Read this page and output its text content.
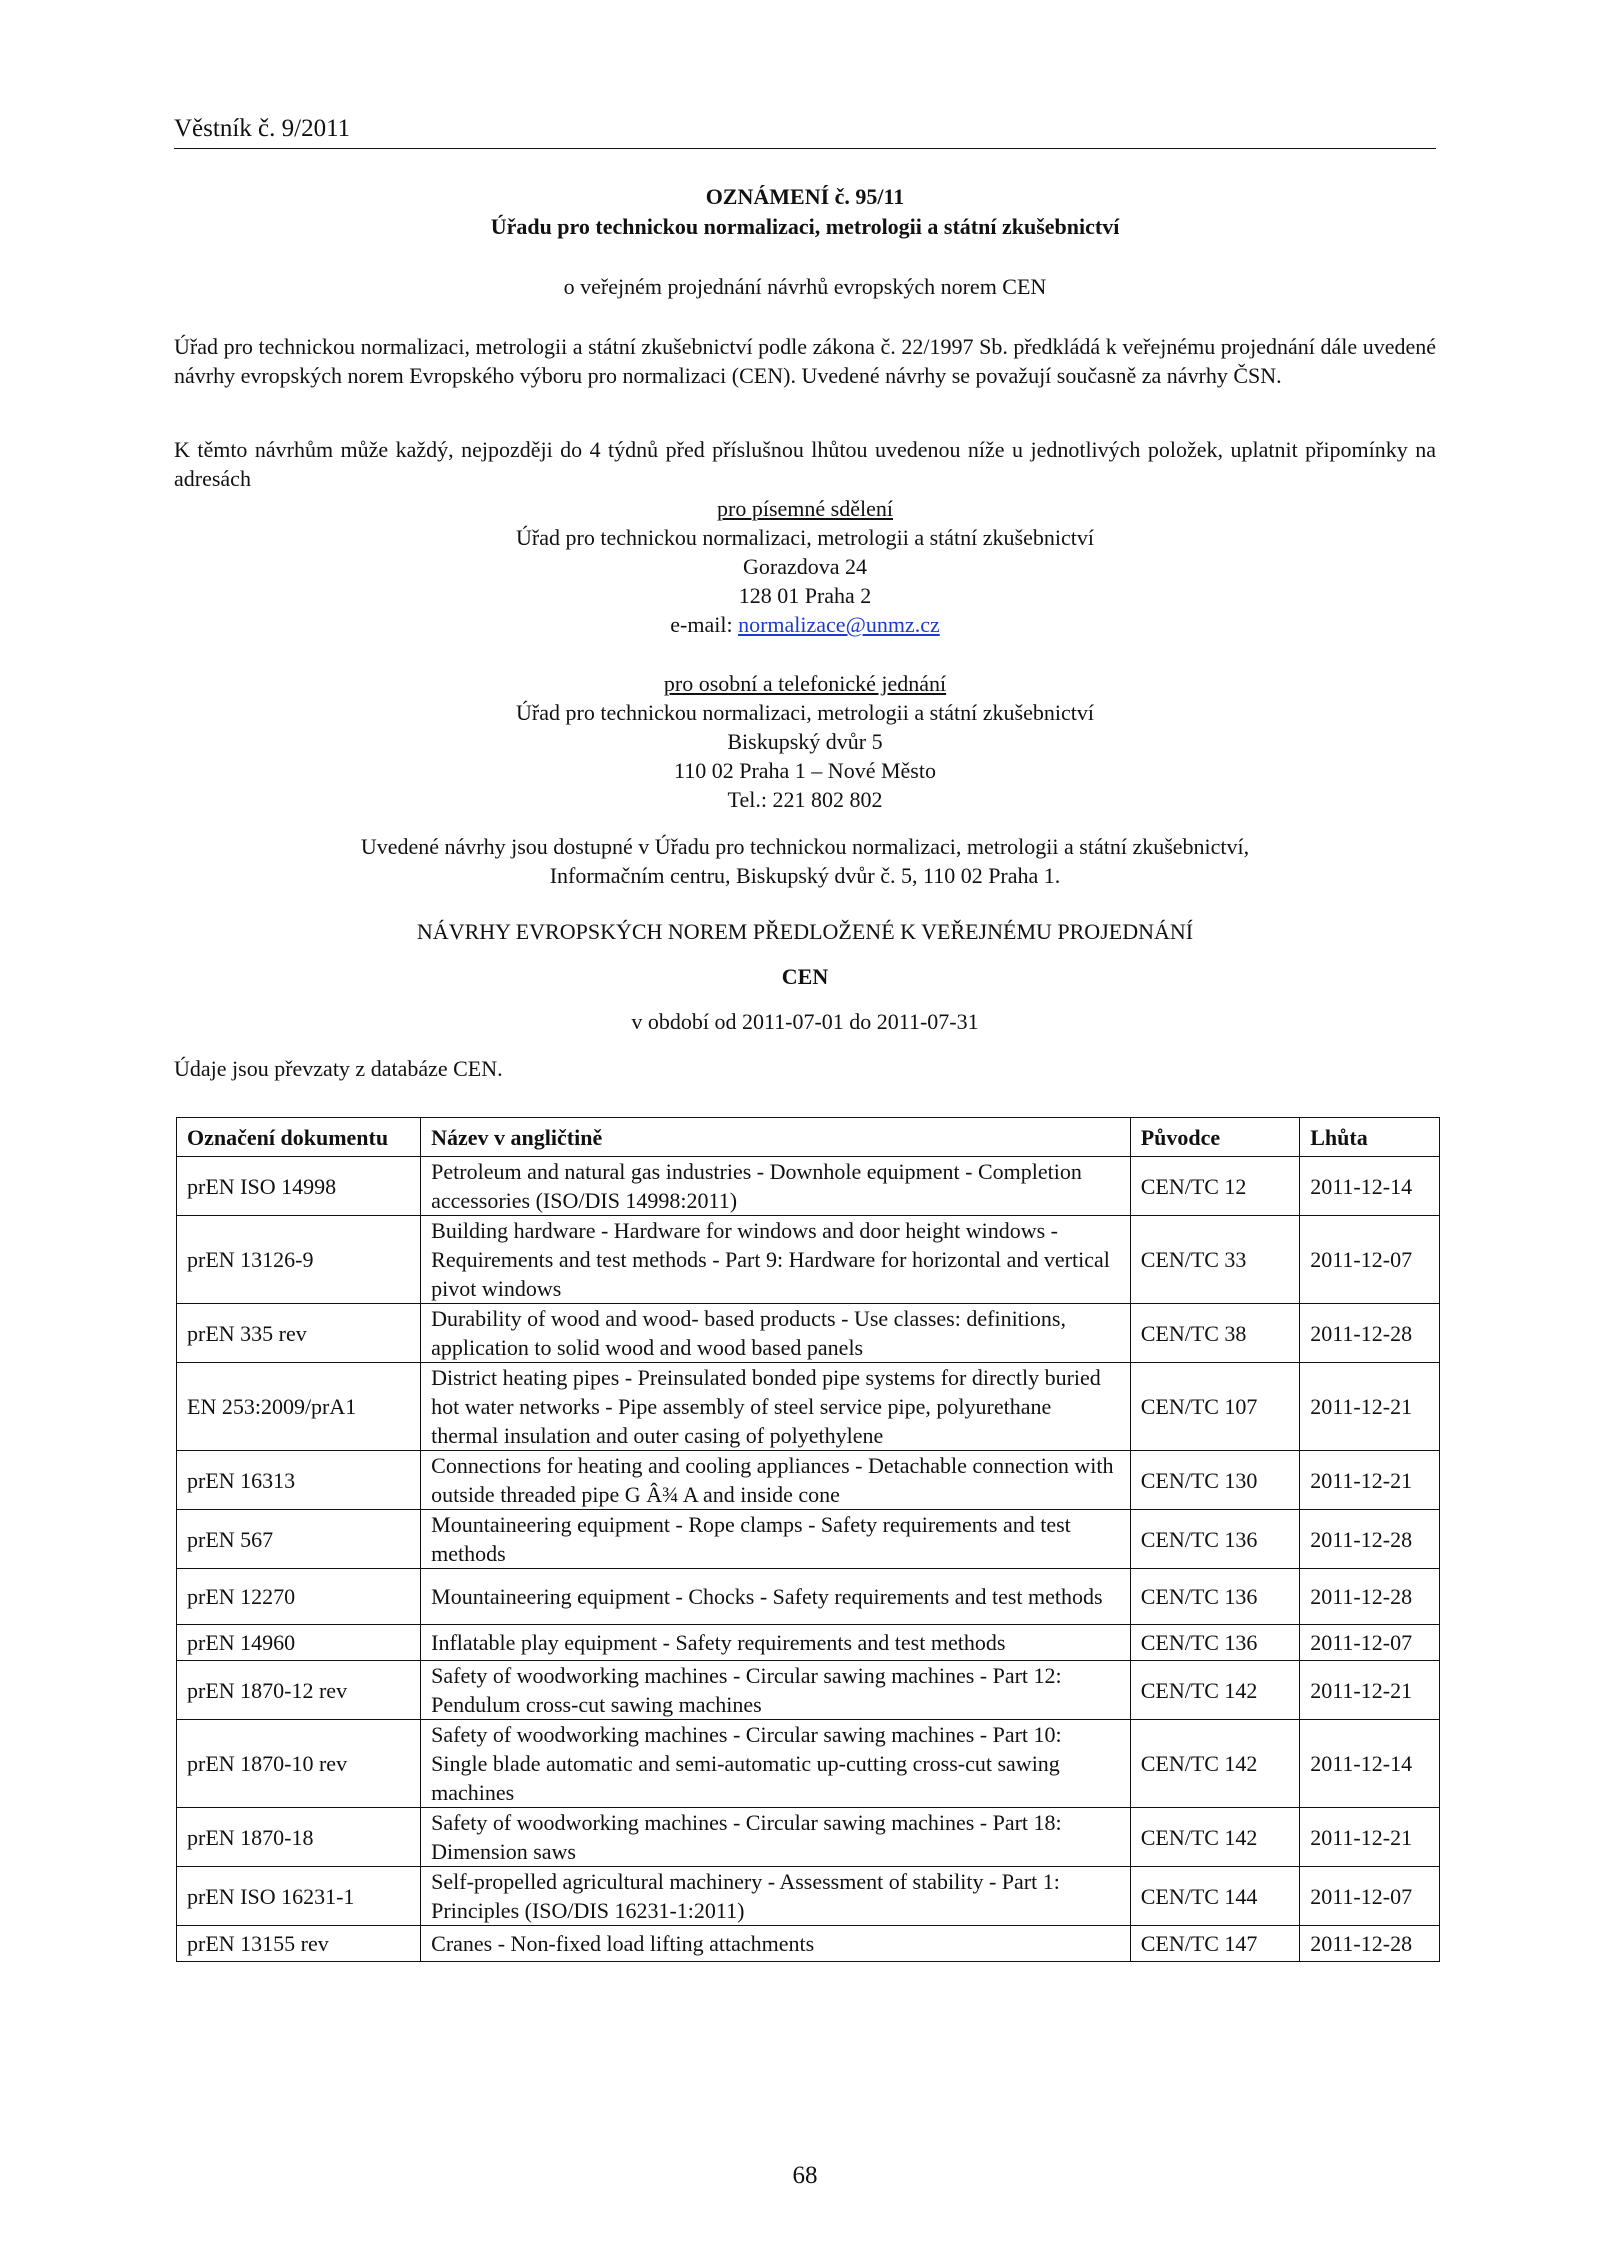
Věstník č. 9/2011
OZNÁMENÍ č. 95/11
Úřadu pro technickou normalizaci, metrologii a státní zkušebnictví
o veřejném projednání návrhů evropských norem CEN
Úřad pro technickou normalizaci, metrologii a státní zkušebnictví podle zákona č. 22/1997 Sb. předkládá k veřejnému projednání dále uvedené návrhy evropských norem Evropského výboru pro normalizaci (CEN). Uvedené návrhy se považují současně za návrhy ČSN.
K těmto návrhům může každý, nejpozději do 4 týdnů před příslušnou lhůtou uvedenou níže u jednotlivých položek, uplatnit připomínky na adresách
pro písemné sdělení
Úřad pro technickou normalizaci, metrologii a státní zkušebnictví
Gorazdova 24
128 01 Praha 2
e-mail: normalizace@unmz.cz
pro osobní a telefonické jednání
Úřad pro technickou normalizaci, metrologii a státní zkušebnictví
Biskupský dvůr 5
110 02 Praha 1 – Nové Město
Tel.: 221 802 802
Uvedené návrhy jsou dostupné v Úřadu pro technickou normalizaci, metrologii a státní zkušebnictví,
Informačním centru, Biskupský dvůr č. 5, 110 02 Praha 1.
NÁVRHY EVROPSKÝCH NOREM PŘEDLOŽENÉ K VEŘEJNÉMU PROJEDNÁNÍ
CEN
v období od 2011-07-01 do 2011-07-31
Údaje jsou převzaty z databáze CEN.
Označení dokumentu	Název v angličtině	Původce	Lhůta
prEN ISO 14998	Petroleum and natural gas industries - Downhole equipment - Completion accessories (ISO/DIS 14998:2011)	CEN/TC 12	2011-12-14
prEN 13126-9	Building hardware - Hardware for windows and door height windows - Requirements and test methods - Part 9: Hardware for horizontal and vertical pivot windows	CEN/TC 33	2011-12-07
prEN 335 rev	Durability of wood and wood- based products - Use classes: definitions, application to solid wood and wood based panels	CEN/TC 38	2011-12-28
EN 253:2009/prA1	District heating pipes - Preinsulated bonded pipe systems for directly buried hot water networks - Pipe assembly of steel service pipe, polyurethane thermal insulation and outer casing of polyethylene	CEN/TC 107	2011-12-21
prEN 16313	Connections for heating and cooling appliances - Detachable connection with outside threaded pipe G Â¾ A and inside cone	CEN/TC 130	2011-12-21
prEN 567	Mountaineering equipment - Rope clamps - Safety requirements and test methods	CEN/TC 136	2011-12-28
prEN 12270	Mountaineering equipment - Chocks - Safety requirements and test methods	CEN/TC 136	2011-12-28
prEN 14960	Inflatable play equipment - Safety requirements and test methods	CEN/TC 136	2011-12-07
prEN 1870-12 rev	Safety of woodworking machines - Circular sawing machines - Part 12: Pendulum cross-cut sawing machines	CEN/TC 142	2011-12-21
prEN 1870-10 rev	Safety of woodworking machines - Circular sawing machines - Part 10: Single blade automatic and semi-automatic up-cutting cross-cut sawing machines	CEN/TC 142	2011-12-14
prEN 1870-18	Safety of woodworking machines - Circular sawing machines - Part 18: Dimension saws	CEN/TC 142	2011-12-21
prEN ISO 16231-1	Self-propelled agricultural machinery - Assessment of stability - Part 1: Principles (ISO/DIS 16231-1:2011)	CEN/TC 144	2011-12-07
prEN 13155 rev	Cranes - Non-fixed load lifting attachments	CEN/TC 147	2011-12-28
68
